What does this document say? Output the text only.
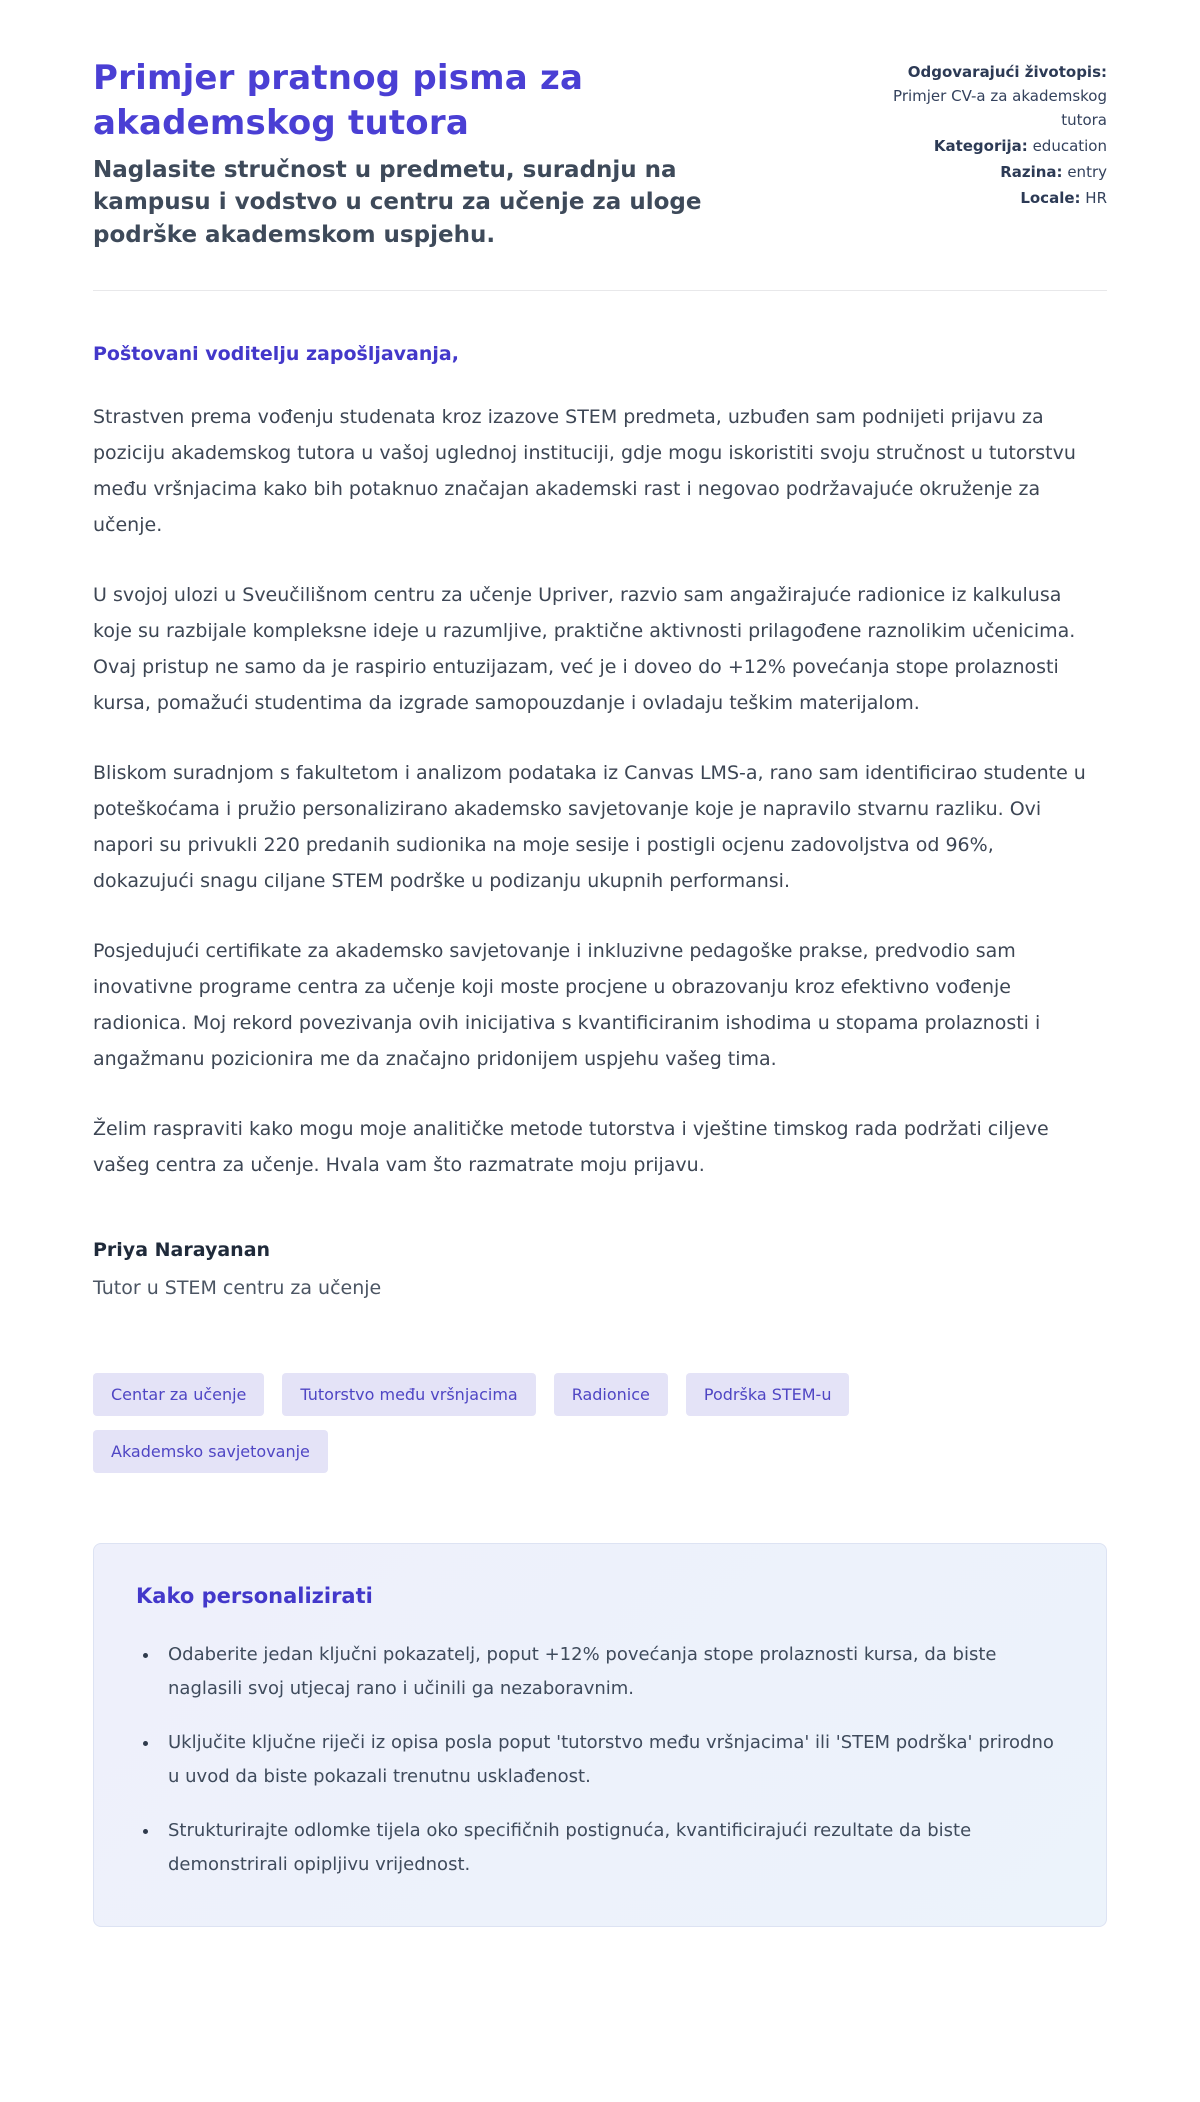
Primjer pratnog pisma za akademskog tutora
Naglasite stručnost u predmetu, suradnju na kampusu i vodstvo u centru za učenje za uloge podrške akademskom uspjehu.
Odgovarajući životopis: Primjer CV-a za akademskog tutora
Kategorija: education
Razina: entry
Locale: HR
Poštovani voditelju zapošljavanja,

Strastven prema vođenju studenata kroz izazove STEM predmeta, uzbuđen sam podnijeti prijavu za poziciju akademskog tutora u vašoj uglednoj instituciji, gdje mogu iskoristiti svoju stručnost u tutorstvu među vršnjacima kako bih potaknuo značajan akademski rast i negovao podržavajuće okruženje za učenje.

U svojoj ulozi u Sveučilišnom centru za učenje Upriver, razvio sam angažirajuće radionice iz kalkulusa koje su razbijale kompleksne ideje u razumljive, praktične aktivnosti prilagođene raznolikim učenicima. Ovaj pristup ne samo da je raspirio entuzijazam, već je i doveo do +12% povećanja stope prolaznosti kursa, pomažući studentima da izgrade samopouzdanje i ovladaju teškim materijalom.

Bliskom suradnjom s fakultetom i analizom podataka iz Canvas LMS-a, rano sam identificirao studente u poteškoćama i pružio personalizirano akademsko savjetovanje koje je napravilo stvarnu razliku. Ovi napori su privukli 220 predanih sudionika na moje sesije i postigli ocjenu zadovoljstva od 96%, dokazujući snagu ciljane STEM podrške u podizanju ukupnih performansi.

Posjedujući certifikate za akademsko savjetovanje i inkluzivne pedagoške prakse, predvodio sam inovativne programe centra za učenje koji moste procjene u obrazovanju kroz efektivno vođenje radionica. Moj rekord povezivanja ovih inicijativa s kvantificiranim ishodima u stopama prolaznosti i angažmanu pozicionira me da značajno pridonijem uspjehu vašeg tima.

Želim raspraviti kako mogu moje analitičke metode tutorstva i vještine timskog rada podržati ciljeve vašeg centra za učenje. Hvala vam što razmatrate moju prijavu.

Priya Narayanan
Tutor u STEM centru za učenje
Centar za učenje	Tutorstvo među vršnjacima	Radionice	Podrška STEM-u
Akademsko savjetovanje
Kako personalizirati
• Odaberite jedan ključni pokazatelj, poput +12% povećanja stope prolaznosti kursa, da biste naglasili svoj utjecaj rano i učinili ga nezaboravnim.
• Uključite ključne riječi iz opisa posla poput 'tutorstvo među vršnjacima' ili 'STEM podrška' prirodno u uvod da biste pokazali trenutnu usklađenost.
• Strukturirajte odlomke tijela oko specifičnih postignuća, kvantificirajući rezultate da biste demonstrirali opipljivu vrijednost.
